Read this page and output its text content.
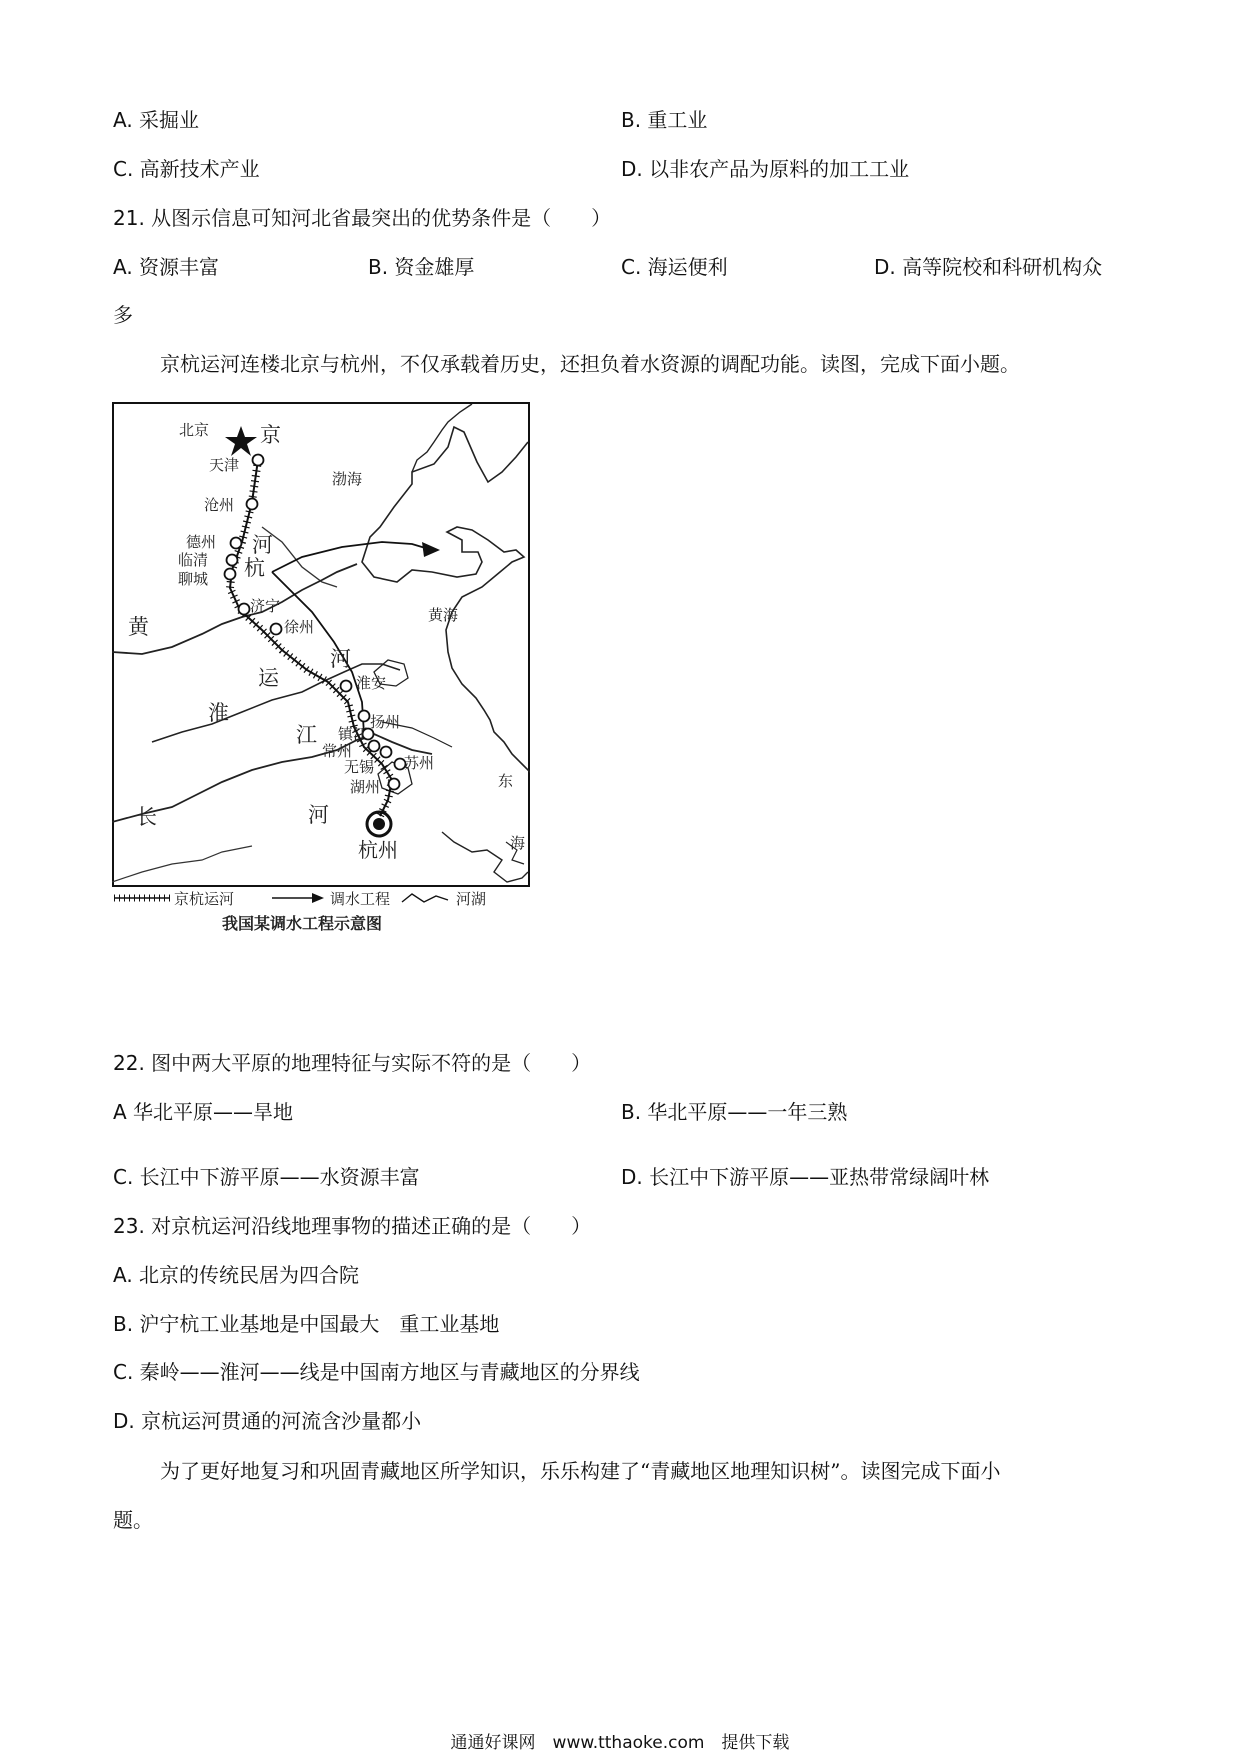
A. 采掘业	B. 重工业
C. 高新技术产业	D. 以非农产品为原料的加工工业
21. 从图示信息可知河北省最突出的优势条件是（　　）
A. 资源丰富	B. 资金雄厚	C. 海运便利	D. 高等院校和科研机构众
多
京杭运河连楼北京与杭州，不仅承载着历史，还担负着水资源的调配功能。读图，完成下面小题。
北京
天津
沧州
德州
临清
聊城
济宁
徐州
淮安
扬州
镇江
常州
无锡 苏州
湖州
杭州
渤海
黄海
京
杭
运
河
河
黄
淮
江
长	河
东
海
京杭运河	调水工程	河湖
我国某调水工程示意图
22. 图中两大平原的地理特征与实际不符的是（　　）
A 华北平原——旱地	B. 华北平原——一年三熟
C. 长江中下游平原——水资源丰富	D. 长江中下游平原——亚热带常绿阔叶林
23. 对京杭运河沿线地理事物的描述正确的是（　　）
A. 北京的传统民居为四合院
B. 沪宁杭工业基地是中国最大　重工业基地
C. 秦岭——淮河——线是中国南方地区与青藏地区的分界线
D. 京杭运河贯通的河流含沙量都小
为了更好地复习和巩固青藏地区所学知识，乐乐构建了“青藏地区地理知识树”。读图完成下面小
题。
通通好课网　www.tthaoke.com　提供下载
